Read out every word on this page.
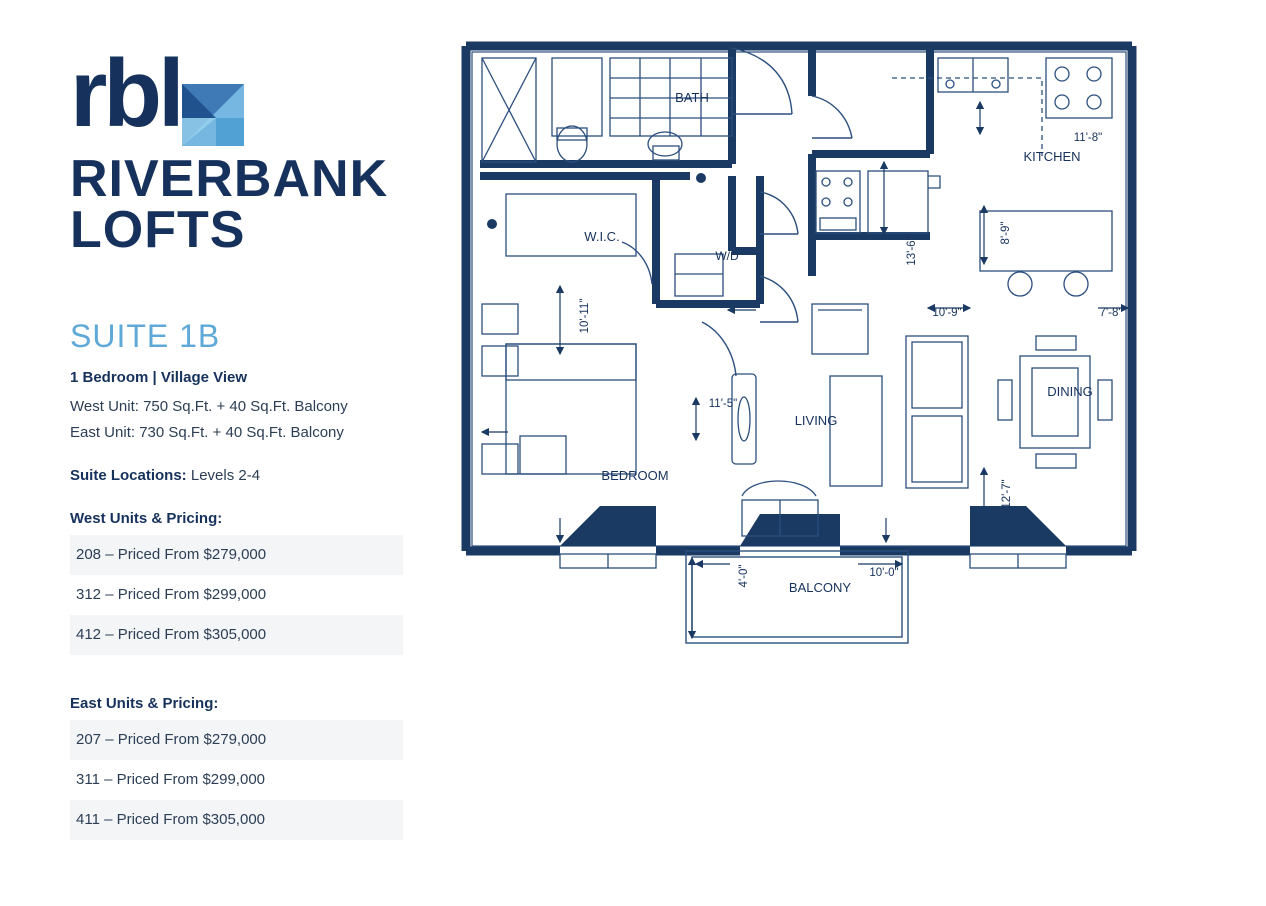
rbl
RIVERBANK
LOFTS
SUITE 1B
1 Bedroom | Village View
West Unit: 750 Sq.Ft. + 40 Sq.Ft. Balcony
East Unit: 730 Sq.Ft. + 40 Sq.Ft. Balcony
Suite Locations: Levels 2-4
West Units & Pricing:
208 – Priced From $279,000
312 – Priced From $299,000
412 – Priced From $305,000
East Units & Pricing:
207 – Priced From $279,000
311 – Priced From $299,000
411 – Priced From $305,000
BATH
KITCHEN
W.I.C.
W/D
DINING
LIVING
BEDROOM
BALCONY
11'-8"
8'-9"
13'-6"
10'-11"	10'-9"	7'-8"
11'-5"
12'-7"
4'-0"	10'-0"
